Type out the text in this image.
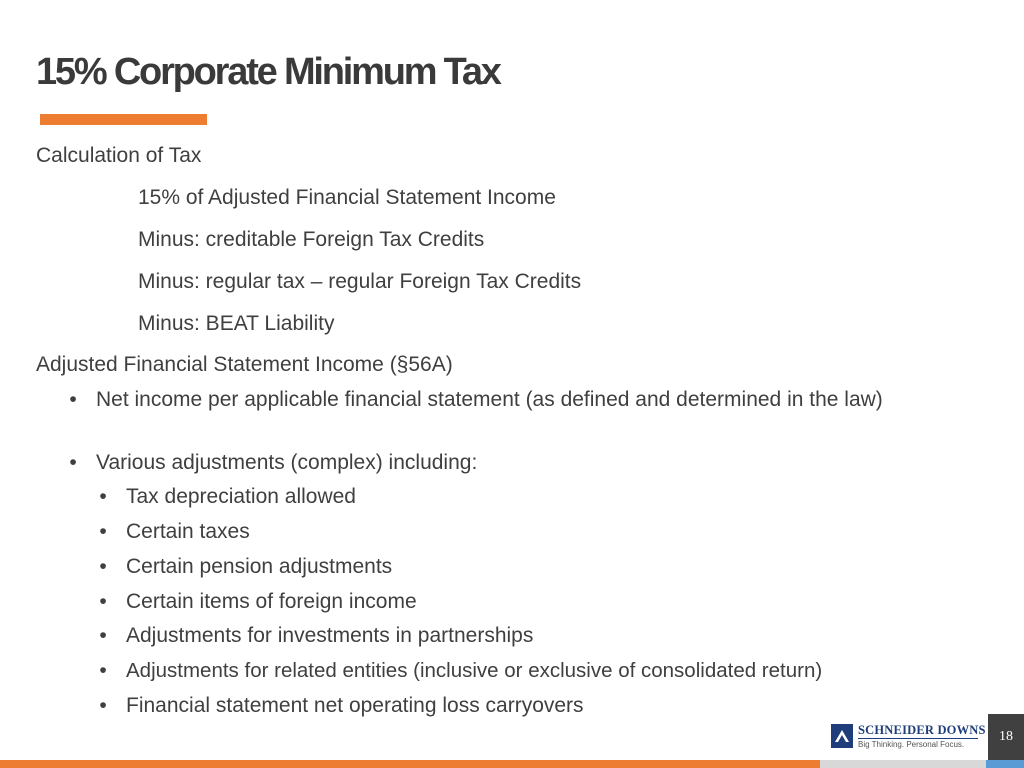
15% Corporate Minimum Tax
Calculation of Tax
15% of Adjusted Financial Statement Income
Minus: creditable Foreign Tax Credits
Minus: regular tax – regular Foreign Tax Credits
Minus: BEAT Liability
Adjusted Financial Statement Income (§56A)
• Net income per applicable financial statement (as defined and determined in the law)
• Various adjustments (complex) including:
• Tax depreciation allowed
• Certain taxes
• Certain pension adjustments
• Certain items of foreign income
• Adjustments for investments in partnerships
• Adjustments for related entities (inclusive or exclusive of consolidated return)
• Financial statement net operating loss carryovers
SCHNEIDER DOWNS
Big Thinking. Personal Focus.
18
